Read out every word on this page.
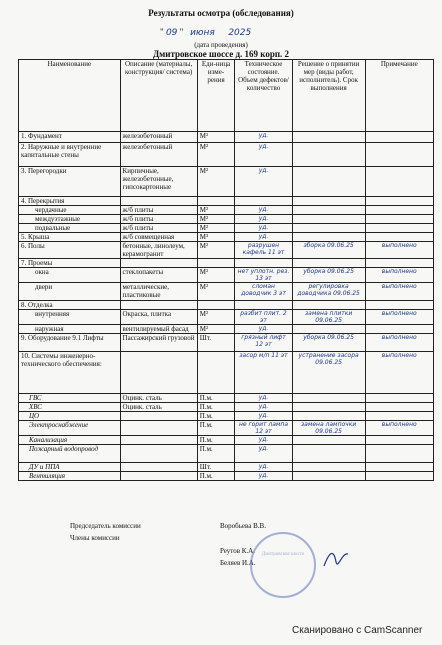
Результаты осмотра (обследования)
" 09 " июня 2025
(дата проведения)
Дмитровское шоссе д. 169 корп. 2
Наименование	Описание (материалы, конструкция/ система)	Еди-ница изме-рения	Техническое состояние. Объем дефектов/ количество	Решение о принятии мер (виды работ, исполнитель). Срок выполнения	Примечание
1. Фундамент	железобетонный	М²	уд.		
2. Наружные и внутренние капитальные стены	железобетонный	М²	уд.		
3. Перегородки	Кирпичные, железобетонные, гипсокартонные	М²	уд.		
4. Перекрытия					
чердачные	ж/б плиты	М²	уд.		
междуэтажные	ж/б плиты	М²	уд.		
подвальные	ж/б плиты	М²	уд.		
5. Крыша	ж/б совмещенная	М³	уд.		
6. Полы	бетонные, линолеум, керамогранит	М²	разрушен кафель 11 эт	зборка 09.06.25	выполнено
7. Проемы					
окна	стеклопакеты	М²	нет уплотн. рез. 13 эт	уборка 09.06.25	выполнено
двери	металлические, пластиковые	М²	сломан доводчик 3 эт	регулировка доводчика 09.06.25	выполнено
8. Отделка					
внутренняя	Окраска, плитка	М²	разбит плит. 2 эт	замена плитки 09.06.25	выполнено
наружная	вентилируемый фасад	М²	уд.		
9. Оборудование 9.1 Лифты	Пассажирский грузовой	Шт.	грязный лифт 12 эт	уборка 09.06.25	выполнено
10. Системы инженерно-технического обеспечения:			засор м/п 11 эт	устранение засора 09.06.25	выполнено
ГВС	Оцинк. сталь	П.м.	уд.		
ХВС	Оцинк. сталь	П.м.	уд.		
ЦО		П.м.	уд.		
Электроснабжение		П.м.	не горит лампа 12 эт	замена лампочки 09.06.25	выполнено
Канализация		П.м.	уд.		
Пожарный водопровод		П.м.	уд.		
ДУ и ППА		Шт.	уд.		
Вентиляция		П.м.	уд.		
Председатель комиссии	Воробьева В.В.
Члены комиссии
Реутов К.А.
Беляев И.А.
Дмитровское шоссе
Сканировано с CamScanner
